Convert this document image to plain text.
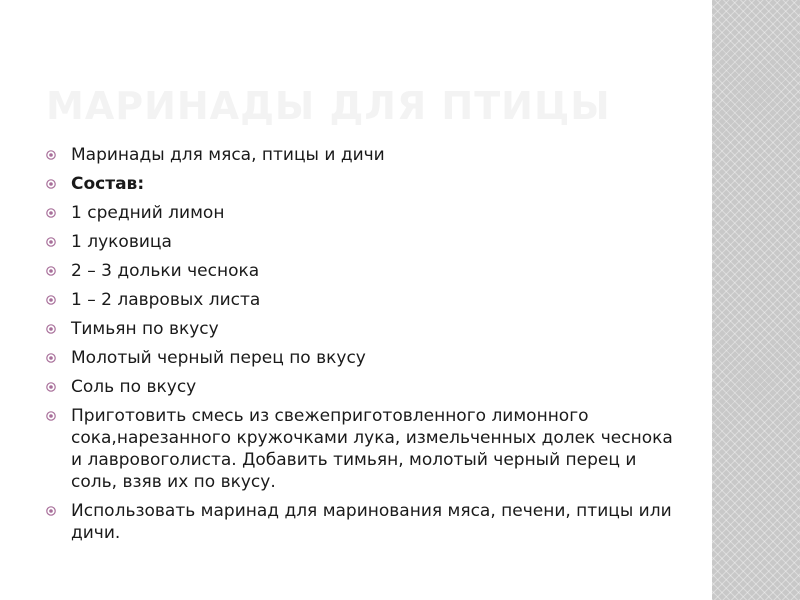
МАРИНАДЫ ДЛЯ ПТИЦЫ
Маринады для мяса, птицы и дичи
Состав:
1 средний лимон
1 луковица
2 – 3 дольки чеснока
1 – 2 лавровых листа
Тимьян по вкусу
Молотый черный перец по вкусу
Соль по вкусу
Приготовить смесь из свежеприготовленного лимонного сока,нарезанного кружочками лука, измельченных долек чеснока и лавровоголиста. Добавить тимьян, молотый черный перец и соль, взяв их по вкусу.
Использовать маринад для маринования мяса, печени, птицы или дичи.
